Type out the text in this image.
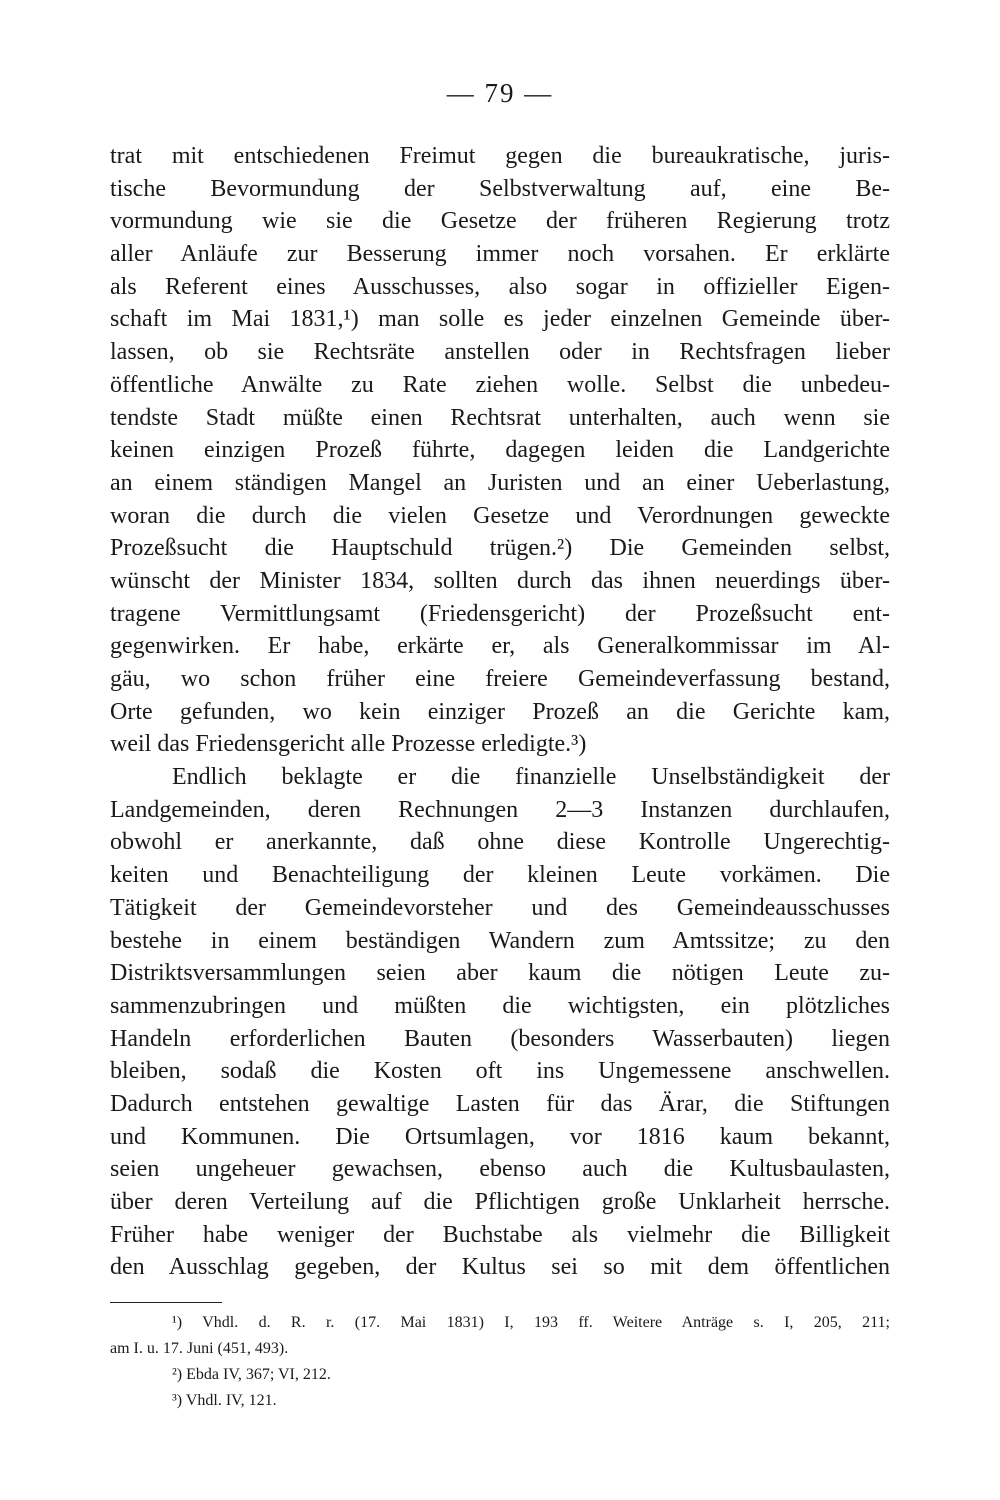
— 79 —
trat mit entschiedenen Freimut gegen die bureaukratische, juris-
tische Bevormundung der Selbstverwaltung auf, eine Be-
vormundung wie sie die Gesetze der früheren Regierung trotz
aller Anläufe zur Besserung immer noch vorsahen. Er erklärte
als Referent eines Ausschusses, also sogar in offizieller Eigen-
schaft im Mai 1831,¹) man solle es jeder einzelnen Gemeinde über-
lassen, ob sie Rechtsräte anstellen oder in Rechtsfragen lieber
öffentliche Anwälte zu Rate ziehen wolle. Selbst die unbedeu-
tendste Stadt müßte einen Rechtsrat unterhalten, auch wenn sie
keinen einzigen Prozeß führte, dagegen leiden die Landgerichte
an einem ständigen Mangel an Juristen und an einer Ueberlastung,
woran die durch die vielen Gesetze und Verordnungen geweckte
Prozeßsucht die Hauptschuld trügen.²) Die Gemeinden selbst,
wünscht der Minister 1834, sollten durch das ihnen neuerdings über-
tragene Vermittlungsamt (Friedensgericht) der Prozeßsucht ent-
gegenwirken. Er habe, erkärte er, als Generalkommissar im Al-
gäu, wo schon früher eine freiere Gemeindeverfassung bestand,
Orte gefunden, wo kein einziger Prozeß an die Gerichte kam,
weil das Friedensgericht alle Prozesse erledigte.³)
Endlich beklagte er die finanzielle Unselbständigkeit der
Landgemeinden, deren Rechnungen 2—3 Instanzen durchlaufen,
obwohl er anerkannte, daß ohne diese Kontrolle Ungerechtig-
keiten und Benachteiligung der kleinen Leute vorkämen. Die
Tätigkeit der Gemeindevorsteher und des Gemeindeausschusses
bestehe in einem beständigen Wandern zum Amtssitze; zu den
Distriktsversammlungen seien aber kaum die nötigen Leute zu-
sammenzubringen und müßten die wichtigsten, ein plötzliches
Handeln erforderlichen Bauten (besonders Wasserbauten) liegen
bleiben, sodaß die Kosten oft ins Ungemessene anschwellen.
Dadurch entstehen gewaltige Lasten für das Ärar, die Stiftungen
und Kommunen. Die Ortsumlagen, vor 1816 kaum bekannt,
seien ungeheuer gewachsen, ebenso auch die Kultusbaulasten,
über deren Verteilung auf die Pflichtigen große Unklarheit herrsche.
Früher habe weniger der Buchstabe als vielmehr die Billigkeit
den Ausschlag gegeben, der Kultus sei so mit dem öffentlichen
¹) Vhdl. d. R. r. (17. Mai 1831) I, 193 ff. Weitere Anträge s. I, 205, 211;
am I. u. 17. Juni (451, 493).
²) Ebda IV, 367; VI, 212.
³) Vhdl. IV, 121.
